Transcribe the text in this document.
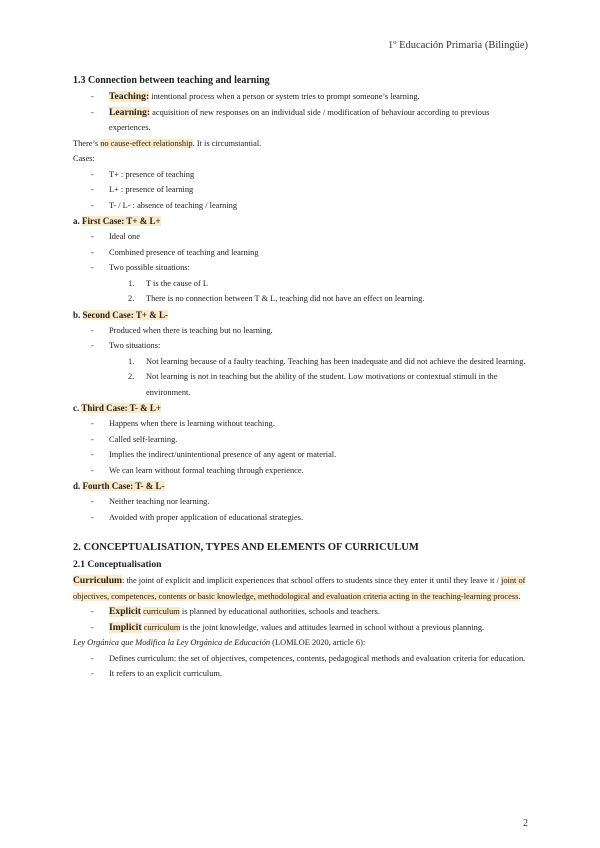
1º Educación Primaria (Bilingüe)

1.3 Connection between teaching and learning

- Teaching: intentional process when a person or system tries to prompt someone’s learning.
- Learning: acquisition of new responses on an individual side / modification of behaviour according to previous experiences.

There’s no cause-effect relationship. It is circumstantial.

Cases:

- T+ : presence of teaching
- L+ : presence of learning
- T- / L- : absence of teaching / learning

a. First Case: T+ & L+

- Ideal one
- Combined presence of teaching and learning
- Two possible situations:
1. T is the cause of L
2. There is no connection between T & L, teaching did not have an effect on learning.

b. Second Case: T+ & L-

- Produced when there is teaching but no learning.
- Two situations:
1. Not learning because of a faulty teaching. Teaching has been inadequate and did not achieve the desired learning.
2. Not learning is not in teaching but the ability of the student. Low motivations or contextual stimuli in the environment.

c. Third Case: T- & L+

- Happens when there is learning without teaching.
- Called self-learning.
- Implies the indirect/unintentional presence of any agent or material.
- We can learn without formal teaching through experience.

d. Fourth Case: T- & L-

- Neither teaching nor learning.
- Avoided with proper application of educational strategies.

2. CONCEPTUALISATION, TYPES AND ELEMENTS OF CURRICULUM

2.1 Conceptualisation

Curriculum: the joint of explicit and implicit experiences that school offers to students since they enter it until they leave it / joint of objectives, competences, contents or basic knowledge, methodological and evaluation criteria acting in the teaching-learning process.

- Explicit curriculum is planned by educational authorities, schools and teachers.
- Implicit curriculum is the joint knowledge, values and attitudes learned in school without a previous planning.

Ley Orgánica que Modifica la Ley Orgánica de Educación (LOMLOE 2020, article 6):

- Defines curriculum: the set of objectives, competences, contents, pedagogical methods and evaluation criteria for education.
- It refers to an explicit curriculum.
2
